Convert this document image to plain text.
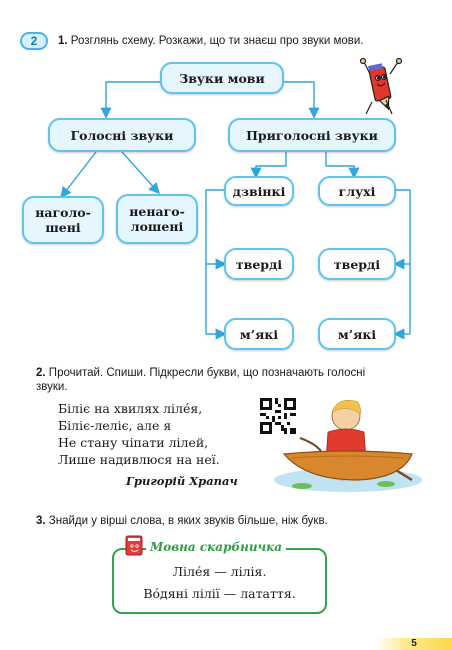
2	1. Розглянь схему. Розкажи, що ти знаєш про звуки мови.
Звуки мови
Голосні звуки	Приголосні звуки
наголо-
шені
ненаго-
лошені
дзвінкі	глухі
тверді	тверді
м’які	м’які
2. Прочитай. Спиши. Підкресли букви, що позначають голосні
звуки.
Біліє на хвилях лілéя,
Біліє-леліє, але я
Не стану чіпати лілей,
Лише надивлюся на неї.
Григорій Храпач
3. Знайди у вірші слова, в яких звуків більше, ніж букв.
Мовна скарбничка
Лілéя — лілія.
Вóдяні лілії — латаття.
5
